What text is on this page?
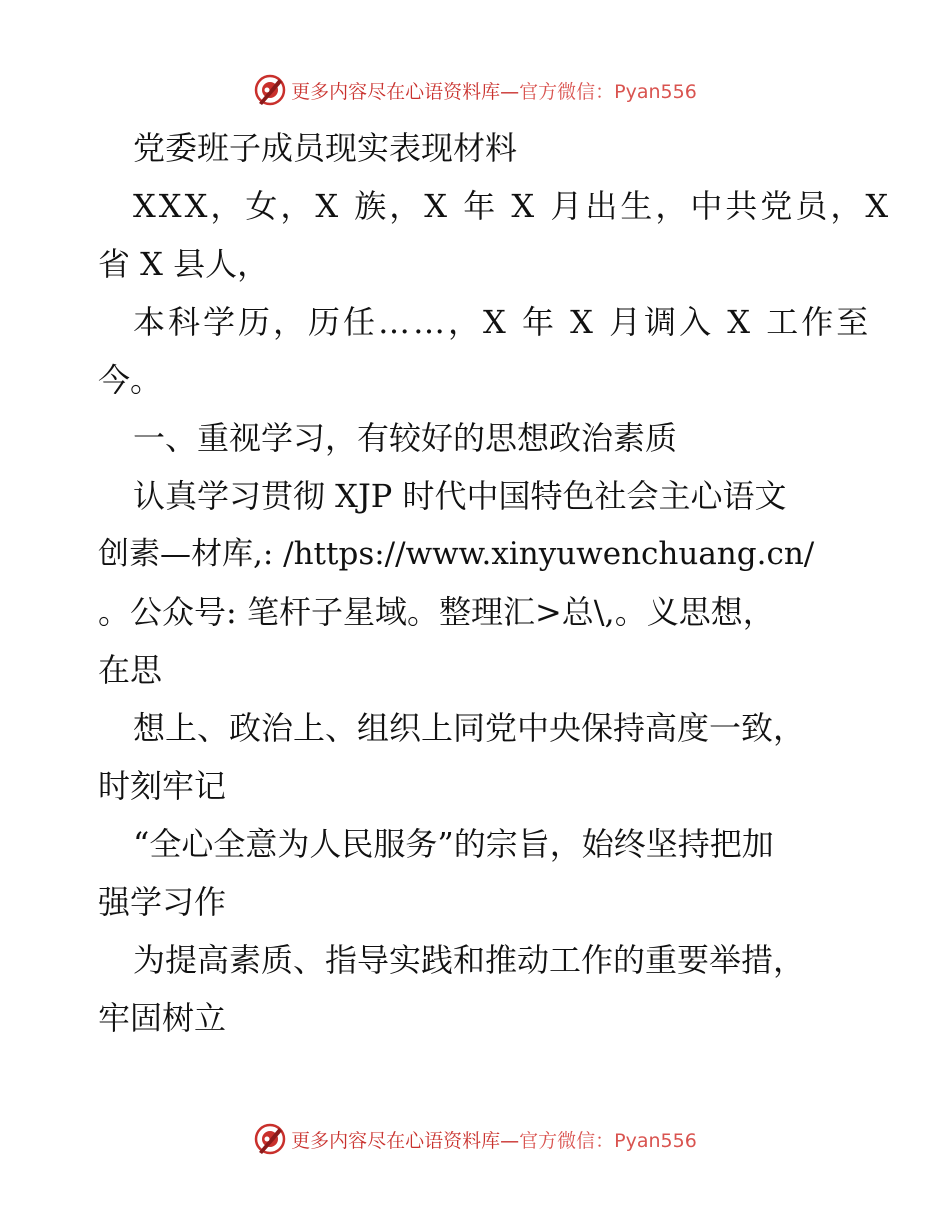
更多内容尽在心语资料库— 官方微信：Pyan556
党委班子成员现实表现材料
XXX，女，X 族，X 年 X 月出生，中共党员，X
省 X 县人，
本科学历，历任……，X 年 X 月调入 X 工作至
今。
一、重视学习，有较好的思想政治素质
认真学习贯彻 XJP 时代中国特色社会主心语文
创素—材库,: /https://www.xinyuwenchuang.cn/
。公众号: 笔杆子星域。整理汇>总\,。义思想，
在思
想上、政治上、组织上同党中央保持高度一致，
时刻牢记
“全心全意为人民服务”的宗旨，始终坚持把加
强学习作
为提高素质、指导实践和推动工作的重要举措，
牢固树立
更多内容尽在心语资料库— 官方微信：Pyan556
